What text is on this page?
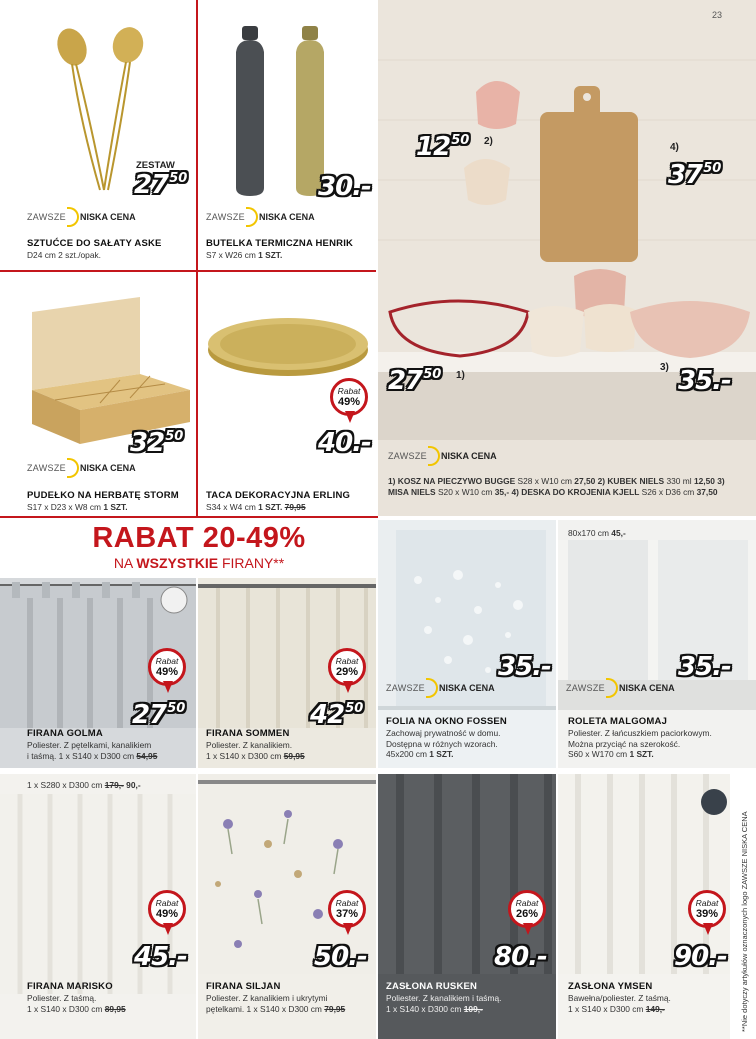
ZESTAW
$27^{50}$
ZAWSZE NISKA CENA
SZTUĆCE DO SAŁATY ASKE
D24 cm 2 szt./opak.
30.-
ZAWSZE NISKA CENA
BUTELKA TERMICZNA HENRIK
S7 x W26 cm 1 SZT.
$32^{50}$
ZAWSZE NISKA CENA
PUDEŁKO NA HERBATĘ STORM
S17 x D23 x W8 cm 1 SZT.
Rabat
49%
40.-
TACA DEKORACYJNA ERLING
S34 x W4 cm 1 SZT. 79,95
23
$12^{50}$ 2)
4)
$37^{50}$
$27^{50}$ 1)
3) 35.-
ZAWSZE NISKA CENA
1) KOSZ NA PIECZYWO BUGGE S28 x W10 cm 27,50 2) KUBEK NIELS 330 ml 12,50 3) MISA NIELS S20 x W10 cm 35,- 4) DESKA DO KROJENIA KJELL S26 x D36 cm 37,50
RABAT 20-49%
NA WSZYSTKIE FIRANY**
Rabat
49%
$27^{50}$
FIRANA GOLMA
Poliester. Z pętelkami, kanalikiem
i taśmą. 1 x S140 x D300 cm 54,95
Rabat
29%
$42^{50}$
FIRANA SOMMEN
Poliester. Z kanalikiem.
1 x S140 x D300 cm 59,95
35.-
ZAWSZE NISKA CENA
FOLIA NA OKNO FOSSEN
Zachowaj prywatność w domu.
Dostępna w różnych wzorach.
45x200 cm 1 SZT.
80x170 cm 45,-
35.-
ZAWSZE NISKA CENA
ROLETA MALGOMAJ
Poliester. Z łańcuszkiem paciorkowym.
Można przyciąć na szerokość.
S60 x W170 cm 1 SZT.
1 x S280 x D300 cm 179,- 90,-
Rabat
49%
45.-
FIRANA MARISKO
Poliester. Z taśmą.
1 x S140 x D300 cm 89,95
Rabat
37%
50.-
FIRANA SILJAN
Poliester. Z kanalikiem i ukrytymi
pętelkami. 1 x S140 x D300 cm 79,95
Rabat
26%
80.-
ZASŁONA RUSKEN
Poliester. Z kanalikiem i taśmą.
1 x S140 x D300 cm 109,-
Rabat
39%
90.-
ZASŁONA YMSEN
Bawełna/poliester. Z taśmą.
1 x S140 x D300 cm 149,-	**Nie dotyczy artykułów oznaczonych logo ZAWSZE NISKA CENA
